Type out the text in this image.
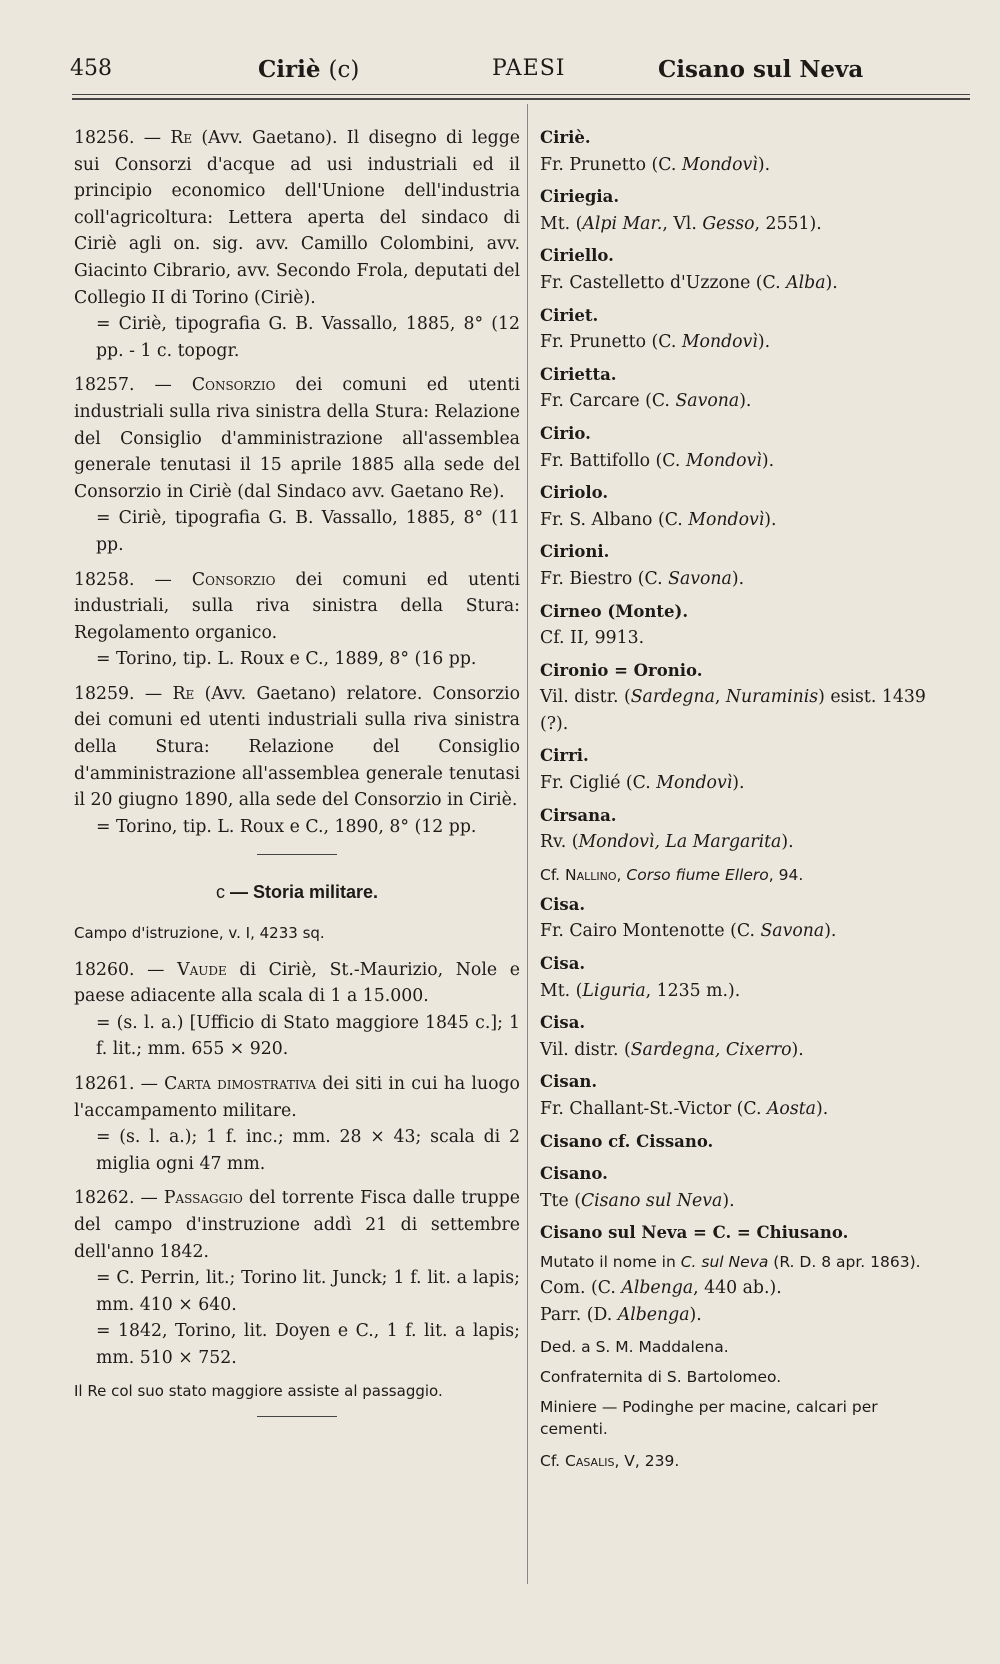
458	Ciriè (c)	PAESI	Cisano sul Neva
18256. — Re (Avv. Gaetano). Il disegno di legge sui Consorzi d'acque ad usi industriali ed il principio economico dell'Unione dell'industria coll'agricoltura: Lettera aperta del sindaco di Ciriè agli on. sig. avv. Camillo Colombini, avv. Giacinto Cibrario, avv. Secondo Frola, deputati del Collegio II di Torino (Ciriè).
= Ciriè, tipografia G. B. Vassallo, 1885, 8° (12 pp. - 1 c. topogr.
18257. — Consorzio dei comuni ed utenti industriali sulla riva sinistra della Stura: Relazione del Consiglio d'amministrazione all'assemblea generale tenutasi il 15 aprile 1885 alla sede del Consorzio in Ciriè (dal Sindaco avv. Gaetano Re).
= Ciriè, tipografia G. B. Vassallo, 1885, 8° (11 pp.
18258. — Consorzio dei comuni ed utenti industriali, sulla riva sinistra della Stura: Regolamento organico.
= Torino, tip. L. Roux e C., 1889, 8° (16 pp.
18259. — Re (Avv. Gaetano) relatore. Consorzio dei comuni ed utenti industriali sulla riva sinistra della Stura: Relazione del Consiglio d'amministrazione all'assemblea generale tenutasi il 20 giugno 1890, alla sede del Consorzio in Ciriè.
= Torino, tip. L. Roux e C., 1890, 8° (12 pp.
c — Storia militare.
Campo d'istruzione, v. I, 4233 sq.
18260. — Vaude di Ciriè, St.-Maurizio, Nole e paese adiacente alla scala di 1 a 15.000.
= (s. l. a.) [Ufficio di Stato maggiore 1845 c.]; 1 f. lit.; mm. 655 × 920.
18261. — Carta dimostrativa dei siti in cui ha luogo l'accampamento militare.
= (s. l. a.); 1 f. inc.; mm. 28 × 43; scala di 2 miglia ogni 47 mm.
18262. — Passaggio del torrente Fisca dalle truppe del campo d'instruzione addì 21 di settembre dell'anno 1842.
= C. Perrin, lit.; Torino lit. Junck; 1 f. lit. a lapis; mm. 410 × 640.
= 1842, Torino, lit. Doyen e C., 1 f. lit. a lapis; mm. 510 × 752.
Il Re col suo stato maggiore assiste al passaggio.
Ciriè.
Fr. Prunetto (C. Mondovì).
Ciriegia.
Mt. (Alpi Mar., Vl. Gesso, 2551).
Ciriello.
Fr. Castelletto d'Uzzone (C. Alba).
Ciriet.
Fr. Prunetto (C. Mondovì).
Cirietta.
Fr. Carcare (C. Savona).
Cirio.
Fr. Battifollo (C. Mondovì).
Ciriolo.
Fr. S. Albano (C. Mondovì).
Cirioni.
Fr. Biestro (C. Savona).
Cirneo (Monte).
Cf. II, 9913.
Cironio = Oronio.
Vil. distr. (Sardegna, Nuraminis) esist. 1439 (?).
Cirri.
Fr. Ciglié (C. Mondovì).
Cirsana.
Rv. (Mondovì, La Margarita).
Cf. Nallino, Corso fiume Ellero, 94.
Cisa.
Fr. Cairo Montenotte (C. Savona).
Cisa.
Mt. (Liguria, 1235 m.).
Cisa.
Vil. distr. (Sardegna, Cixerro).
Cisan.
Fr. Challant-St.-Victor (C. Aosta).
Cisano cf. Cissano.
Cisano.
Tte (Cisano sul Neva).
Cisano sul Neva = C. = Chiusano.
Mutato il nome in C. sul Neva (R. D. 8 apr. 1863).
Com. (C. Albenga, 440 ab.).
Parr. (D. Albenga).
Ded. a S. M. Maddalena.
Confraternita di S. Bartolomeo.
Miniere — Podinghe per macine, calcari per cementi.
Cf. Casalis, V, 239.
